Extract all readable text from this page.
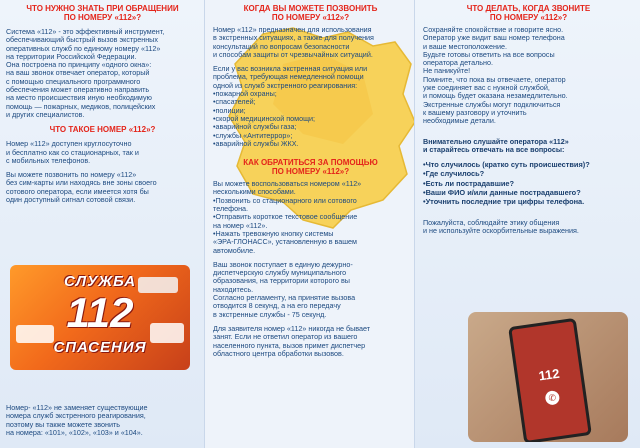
ЧТО НУЖНО ЗНАТЬ ПРИ ОБРАЩЕНИИ
ПО НОМЕРУ «112»?

Система «112» - это эффективный инструмент,
обеспечивающий быстрый вызов экстренных
оперативных служб по единому номеру «112»
на территории Российской Федерации.
Она построена по принципу «одного окна»:
на ваш звонок отвечает оператор, который
с помощью специального программного
обеспечения может оперативно направить
на место происшествия иную необходимую
помощь — пожарных, медиков, полицейских
и других специалистов.

ЧТО ТАКОЕ НОМЕР «112»?

Номер «112» доступен круглосуточно
и бесплатно как со стационарных, так и
с мобильных телефонов.

Вы можете позвонить по номеру «112»
без сим-карты или находясь вне зоны своего
сотового оператора, если имеется хотя бы
один доступный сигнал сотовой связи.

СЛУЖБА
112
СПАСЕНИЯ

Номер- «112» не заменяет существующие
номера служб экстренного реагирования,
поэтому вы также можете звонить
на номера: «101», «102», «103» и «104».

КОГДА ВЫ МОЖЕТЕ ПОЗВОНИТЬ
ПО НОМЕРУ «112»?

Номер «112» предназначен для использования
в экстренных ситуациях, а также для получения
консультаций по вопросам безопасности
и способам защиты от чрезвычайных ситуаций.

Если у вас возникла экстренная ситуация или
проблема, требующая немедленной помощи
одной из служб экстренного реагирования:
•пожарной охраны;
•спасателей;
•полиции;
•скорой медицинской помощи;
•аварийной службы газа;
•службы «Антитеррор»;
•аварийной службы ЖКХ.

КАК ОБРАТИТЬСЯ ЗА ПОМОЩЬЮ
ПО НОМЕРУ «112»?

Вы можете воспользоваться номером «112»
несколькими способами.
•Позвонить со стационарного или сотового
телефона.
•Отправить короткое текстовое сообщение
на номер «112».
•Нажать тревожную кнопку системы
«ЭРА-ГЛОНАСС», установленную в вашем
автомобиле.

Ваш звонок поступает в единую дежурно-
диспетчерскую службу муниципального
образования, на территории которого вы
находитесь.
Согласно регламенту, на принятие вызова
отводится 8 секунд, а на его передачу
в экстренные службы - 75 секунд.

Для заявителя номер «112» никогда не бывает
занят. Если не ответил оператор из вашего
населенного пункта, вызов примет диспетчер
областного центра обработки вызовов.

ЧТО ДЕЛАТЬ, КОГДА ЗВОНИТЕ
ПО НОМЕРУ «112»?

Сохраняйте спокойствие и говорите ясно.
Оператор уже видит ваш номер телефона
и ваше местоположение.
Будьте готовы ответить на все вопросы
оператора детально.
Не паникуйте!
Помните, что пока вы отвечаете, оператор
уже соединяет вас с нужной службой,
и помощь будет оказана незамедлительно.
Экстренные службы могут подключиться
к вашему разговору и уточнить
необходимые детали.

Внимательно слушайте оператора «112»
и старайтесь отвечать на все вопросы:

•Что случилось (кратко суть происшествия)?
•Где случилось?
•Есть ли пострадавшие?
•Ваши ФИО и/или данные пострадавшего?
•Уточнить последние три цифры телефона.

Пожалуйста, соблюдайте этику общения
и не используйте оскорбительные выражения.

112
✆
